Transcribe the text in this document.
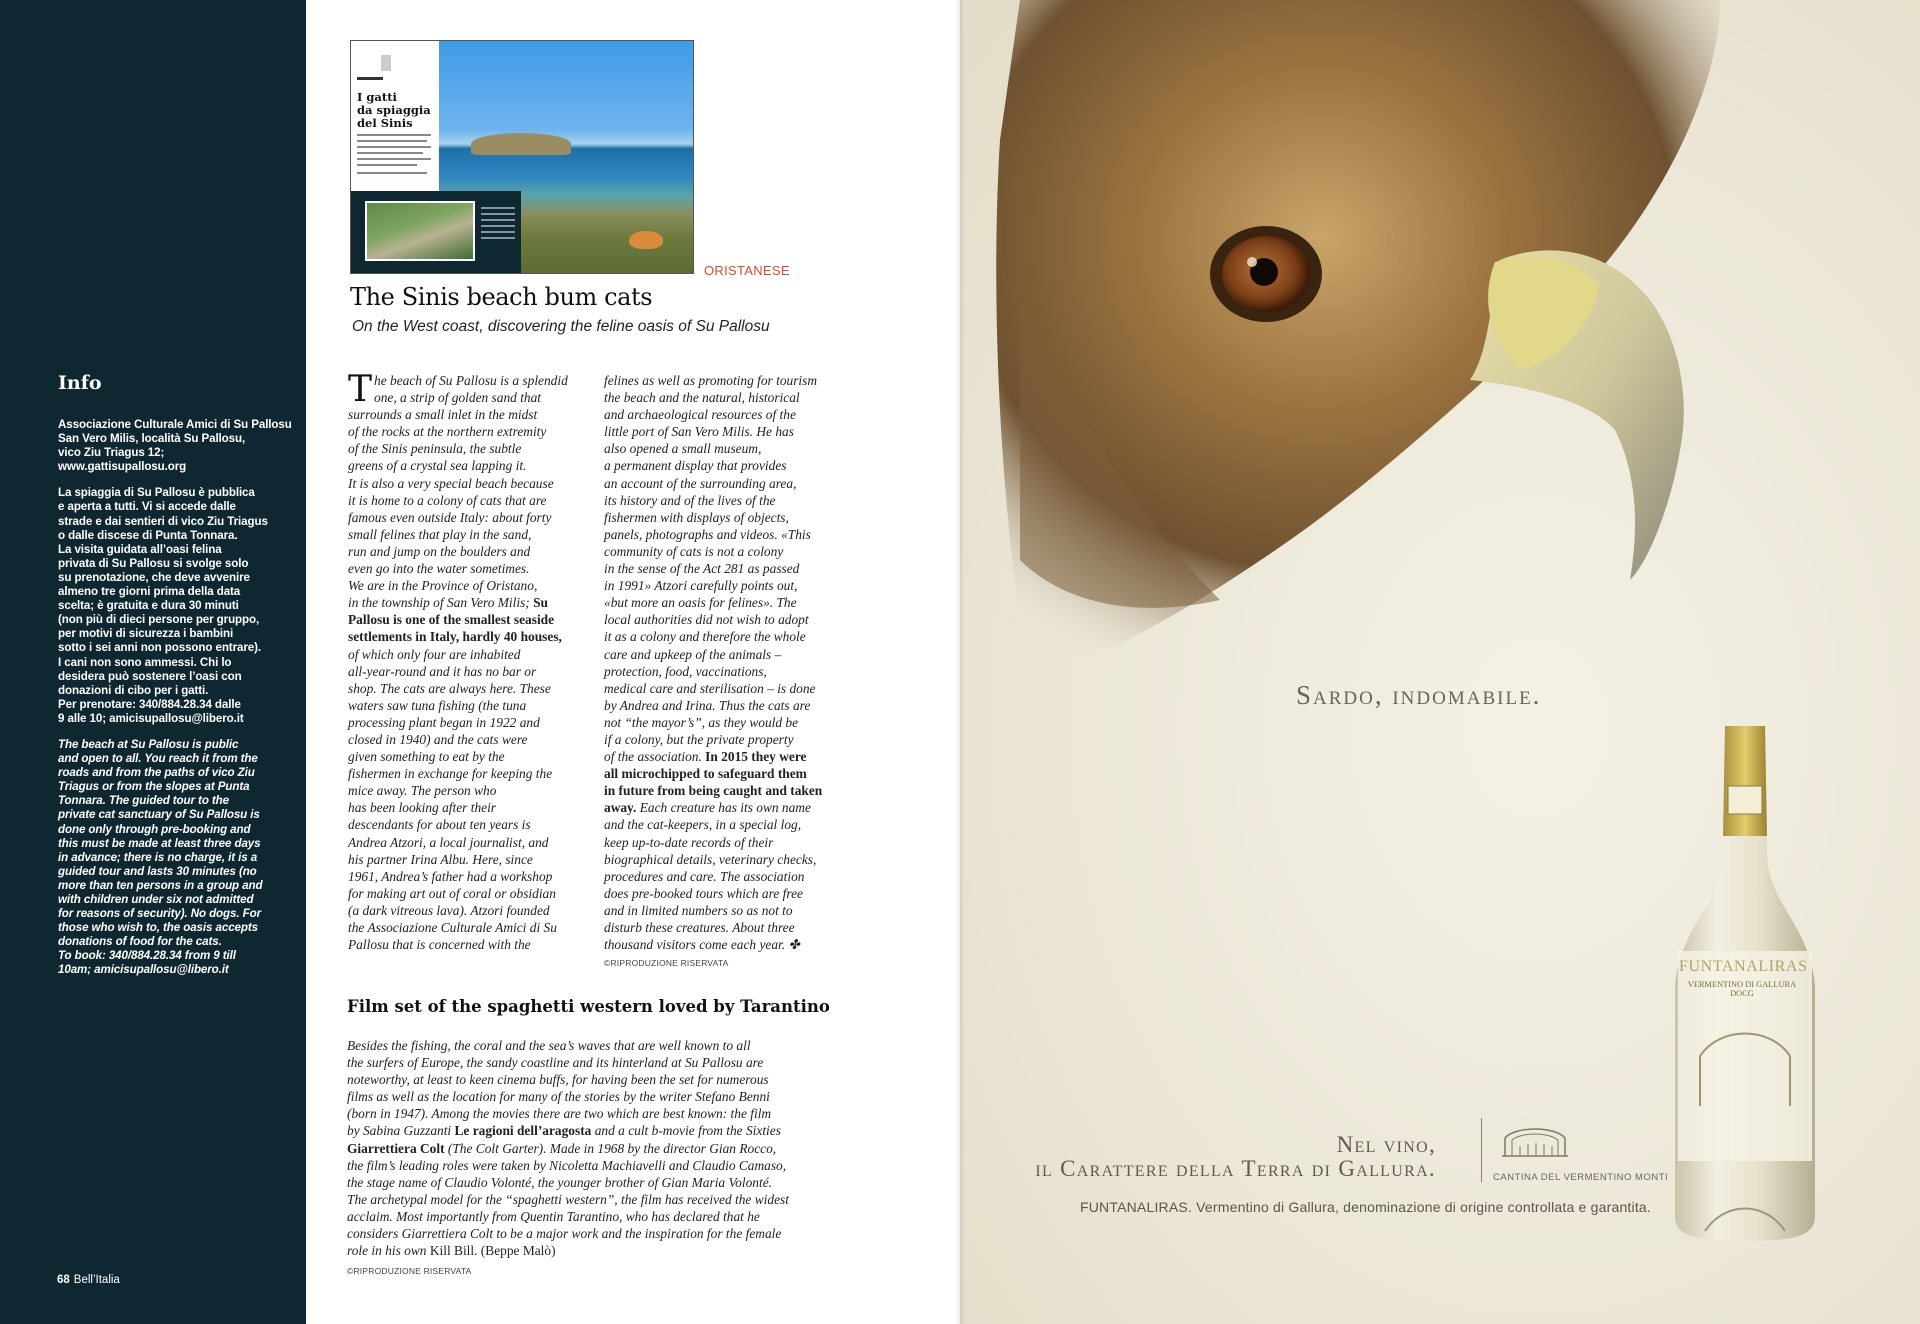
Info

Associazione Culturale Amici di Su Pallosu
San Vero Milis, località Su Pallosu,
vico Ziu Triagus 12; www.gattisupallosu.org

La spiaggia di Su Pallosu è pubblica
e aperta a tutti. Vi si accede dalle
strade e dai sentieri di vico Ziu Triagus
o dalle discese di Punta Tonnara.
La visita guidata all’oasi felina
privata di Su Pallosu si svolge solo
su prenotazione, che deve avvenire
almeno tre giorni prima della data
scelta; è gratuita e dura 30 minuti
(non più di dieci persone per gruppo,
per motivi di sicurezza i bambini
sotto i sei anni non possono entrare).
I cani non sono ammessi. Chi lo
desidera può sostenere l’oasi con
donazioni di cibo per i gatti.
Per prenotare: 340/884.28.34 dalle
9 alle 10; amicisupallosu@libero.it

The beach at Su Pallosu is public
and open to all. You reach it from the
roads and from the paths of vico Ziu
Triagus or from the slopes at Punta
Tonnara. The guided tour to the
private cat sanctuary of Su Pallosu is
done only through pre-booking and
this must be made at least three days
in advance; there is no charge, it is a
guided tour and lasts 30 minutes (no
more than ten persons in a group and
with children under six not admitted
for reasons of security). No dogs. For
those who wish to, the oasis accepts
donations of food for the cats.
To book: 340/884.28.34 from 9 till
10am; amicisupallosu@libero.it

68 Bell’Italia
I gatti
da spiaggia
del Sinis
ORISTANESE
The Sinis beach bum cats
On the West coast, discovering the feline oasis of Su Pallosu
T he beach of Su Pallosu is a splendid

one, a strip of golden sand that
surrounds a small inlet in the midst
of the rocks at the northern extremity
of the Sinis peninsula, the subtle
greens of a crystal sea lapping it.
It is also a very special beach because
it is home to a colony of cats that are
famous even outside Italy: about forty
small felines that play in the sand,
run and jump on the boulders and
even go into the water sometimes.
We are in the Province of Oristano,
in the township of San Vero Milis; Su
Pallosu is one of the smallest seaside
settlements in Italy, hardly 40 houses,
of which only four are inhabited
all-year-round and it has no bar or
shop. The cats are always here. These
waters saw tuna fishing (the tuna
processing plant began in 1922 and
closed in 1940) and the cats were
given something to eat by the
fishermen in exchange for keeping the
mice away. The person who
has been looking after their
descendants for about ten years is
Andrea Atzori, a local journalist, and
his partner Irina Albu. Here, since
1961, Andrea’s father had a workshop
for making art out of coral or obsidian
(a dark vitreous lava). Atzori founded
the Associazione Culturale Amici di Su
Pallosu that is concerned with the
felines as well as promoting for tourism
the beach and the natural, historical
and archaeological resources of the
little port of San Vero Milis. He has
also opened a small museum,
a permanent display that provides
an account of the surrounding area,
its history and of the lives of the
fishermen with displays of objects,
panels, photographs and videos. «This
community of cats is not a colony
in the sense of the Act 281 as passed
in 1991» Atzori carefully points out,
«but more an oasis for felines». The
local authorities did not wish to adopt
it as a colony and therefore the whole
care and upkeep of the animals –
protection, food, vaccinations,
medical care and sterilisation – is done
by Andrea and Irina. Thus the cats are
not “the mayor’s”, as they would be
if a colony, but the private property
of the association. In 2015 they were
all microchipped to safeguard them
in future from being caught and taken
away. Each creature has its own name
and the cat-keepers, in a special log,
keep up-to-date records of their
biographical details, veterinary checks,
procedures and care. The association
does pre-booked tours which are free
and in limited numbers so as not to
disturb these creatures. About three
thousand visitors come each year. ✤
©RIPRODUZIONE RISERVATA
Film set of the spaghetti western loved by Tarantino
Besides the fishing, the coral and the sea’s waves that are well known to all
the surfers of Europe, the sandy coastline and its hinterland at Su Pallosu are
noteworthy, at least to keen cinema buffs, for having been the set for numerous
films as well as the location for many of the stories by the writer Stefano Benni
(born in 1947). Among the movies there are two which are best known: the film
by Sabina Guzzanti Le ragioni dell’aragosta and a cult b-movie from the Sixties
Giarrettiera Colt (The Colt Garter). Made in 1968 by the director Gian Rocco,
the film’s leading roles were taken by Nicoletta Machiavelli and Claudio Camaso,
the stage name of Claudio Volonté, the younger brother of Gian Maria Volonté.
The archetypal model for the “spaghetti western”, the film has received the widest
acclaim. Most importantly from Quentin Tarantino, who has declared that he
considers Giarrettiera Colt to be a major work and the inspiration for the female
role in his own Kill Bill. (Beppe Malò)
©RIPRODUZIONE RISERVATA
Sardo, indomabile.
FUNTANALIRAS
VERMENTINO DI GALLURA DOCG
Nel vino,
il Carattere della Terra di Gallura.	CANTINA DEL VERMENTINO MONTI
FUNTANALIRAS. Vermentino di Gallura, denominazione di origine controllata e garantita.
